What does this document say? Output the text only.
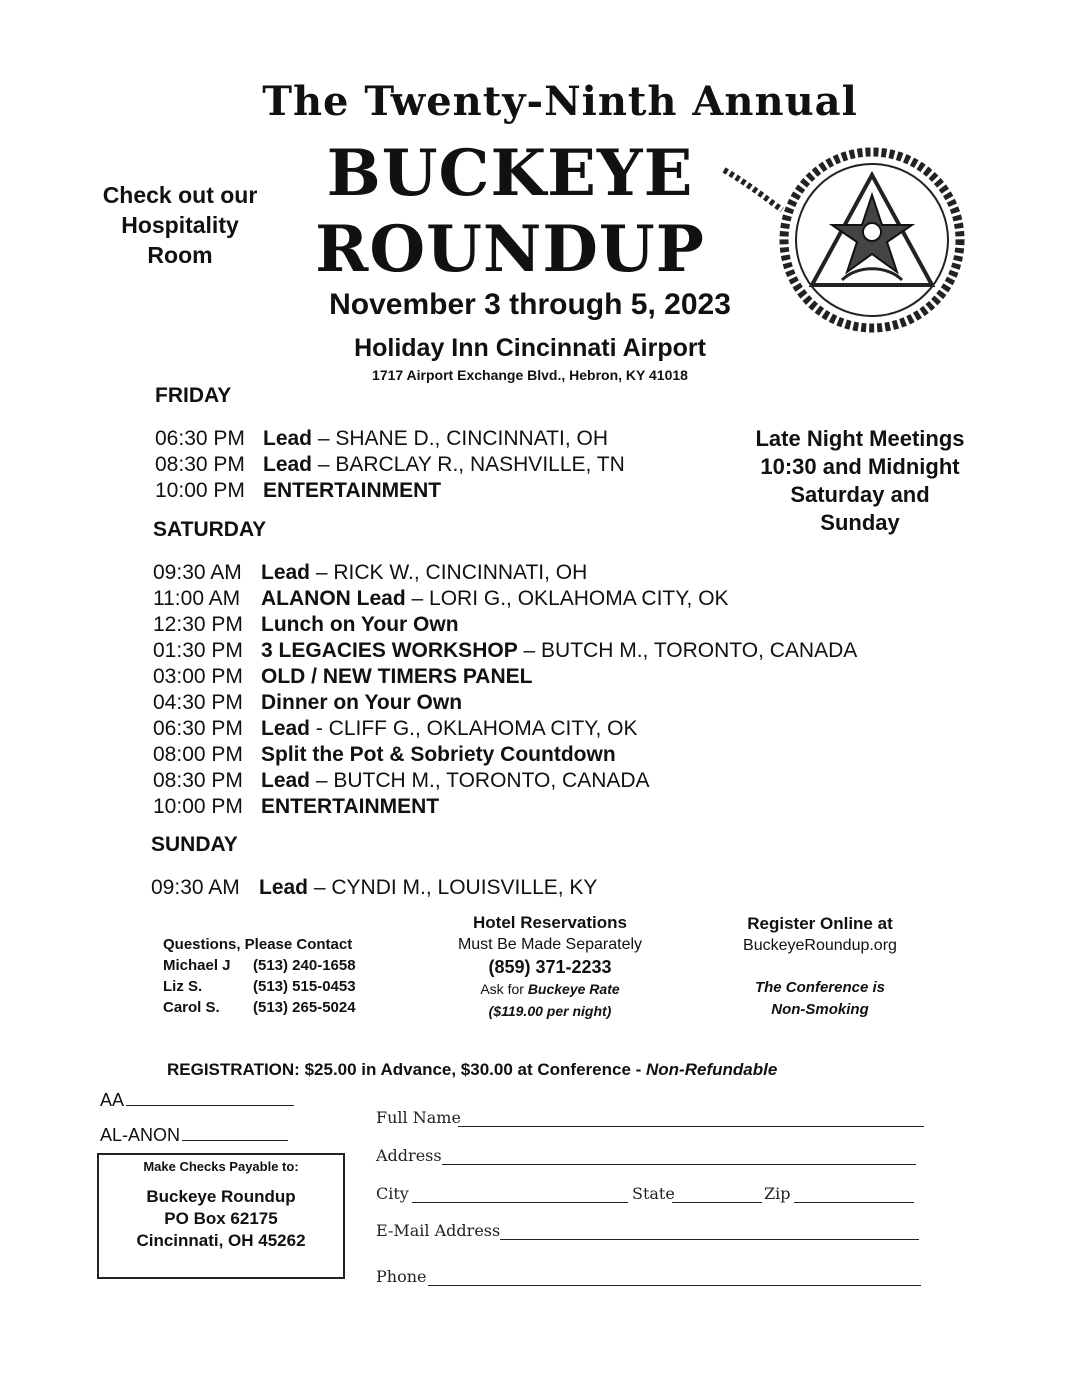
The Twenty-Ninth Annual
BUCKEYE
ROUNDUP
Check out our
Hospitality
Room
November 3 through 5, 2023
Holiday Inn Cincinnati Airport
1717 Airport Exchange Blvd., Hebron, KY 41018
Late Night Meetings
10:30 and Midnight
Saturday and
Sunday
FRIDAY
06:30 PM Lead – SHANE D., CINCINNATI, OH
08:30 PM Lead – BARCLAY R., NASHVILLE, TN
10:00 PM ENTERTAINMENT
SATURDAY
09:30 AM Lead – RICK W., CINCINNATI, OH
11:00 AM ALANON Lead – LORI G., OKLAHOMA CITY, OK
12:30 PM Lunch on Your Own
01:30 PM 3 LEGACIES WORKSHOP – BUTCH M., TORONTO, CANADA
03:00 PM OLD / NEW TIMERS PANEL
04:30 PM Dinner on Your Own
06:30 PM Lead - CLIFF G., OKLAHOMA CITY, OK
08:00 PM Split the Pot & Sobriety Countdown
08:30 PM Lead – BUTCH M., TORONTO, CANADA
10:00 PM ENTERTAINMENT
SUNDAY
09:30 AM Lead – CYNDI M., LOUISVILLE, KY
Questions, Please Contact
Michael J (513) 240-1658
Liz S.	(513) 515-0453
Carol S. (513) 265-5024
Hotel Reservations
Must Be Made Separately
(859) 371-2233
Ask for Buckeye Rate
($119.00 per night)
Register Online at
BuckeyeRoundup.org
The Conference is
Non-Smoking
REGISTRATION: $25.00 in Advance, $30.00 at Conference - Non-Refundable
AA
AL-ANON
Make Checks Payable to:
Buckeye Roundup
PO Box 62175
Cincinnati, OH 45262
Full Name
Address
City	State	Zip
E-Mail Address
Phone
